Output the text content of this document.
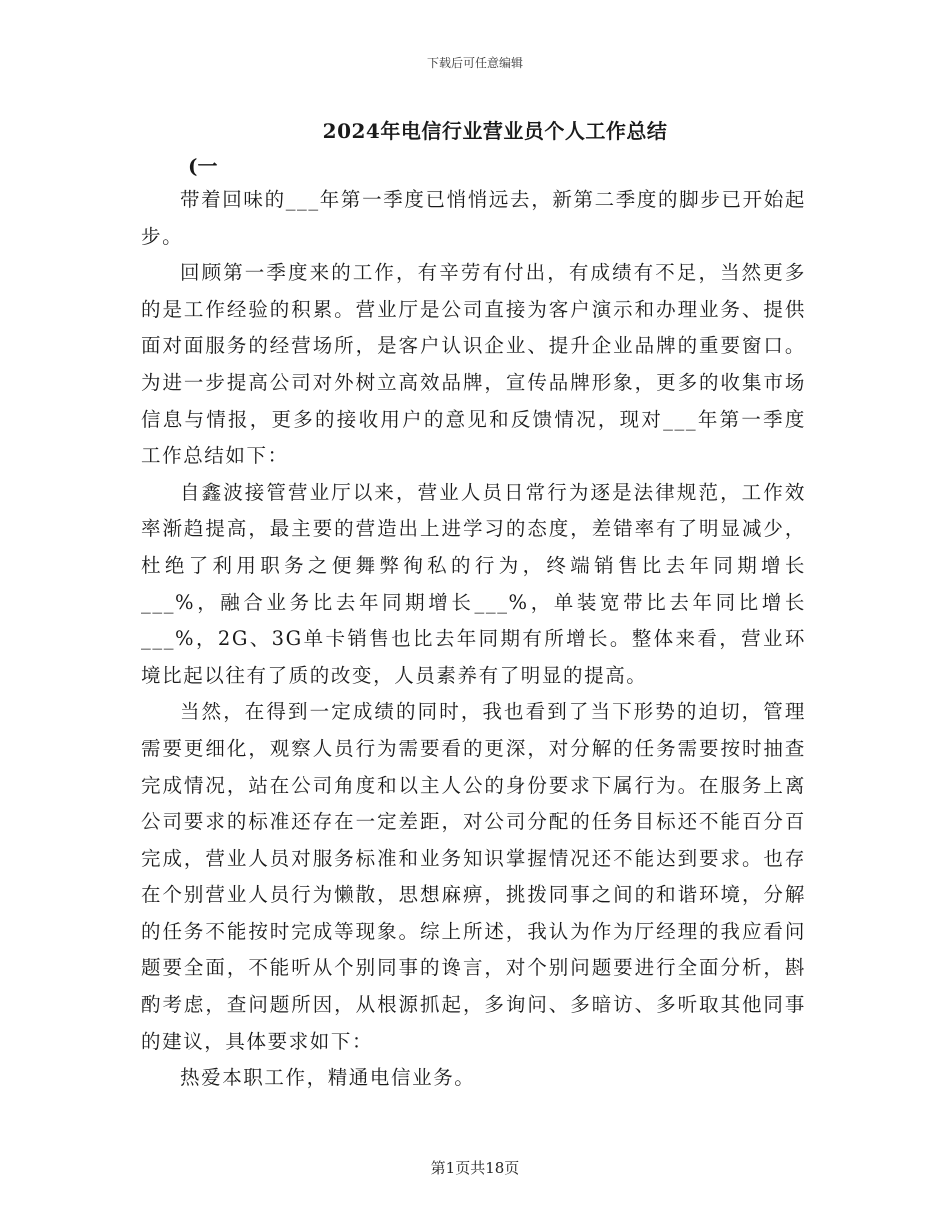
下载后可任意编辑
2024年电信行业营业员个人工作总结
(一

带着回味的___年第一季度已悄悄远去，新第二季度的脚步已开始起步。

回顾第一季度来的工作，有辛劳有付出，有成绩有不足，当然更多的是工作经验的积累。营业厅是公司直接为客户演示和办理业务、提供面对面服务的经营场所，是客户认识企业、提升企业品牌的重要窗口。为进一步提高公司对外树立高效品牌，宣传品牌形象，更多的收集市场信息与情报，更多的接收用户的意见和反馈情况，现对___年第一季度工作总结如下：

自鑫波接管营业厅以来，营业人员日常行为逐是法律规范，工作效率渐趋提高，最主要的营造出上进学习的态度，差错率有了明显减少，杜绝了利用职务之便舞弊徇私的行为，终端销售比去年同期增长___%，融合业务比去年同期增长___%，单装宽带比去年同比增长___%，2G、3G单卡销售也比去年同期有所增长。整体来看，营业环境比起以往有了质的改变，人员素养有了明显的提高。

当然，在得到一定成绩的同时，我也看到了当下形势的迫切，管理需要更细化，观察人员行为需要看的更深，对分解的任务需要按时抽查完成情况，站在公司角度和以主人公的身份要求下属行为。在服务上离公司要求的标准还存在一定差距，对公司分配的任务目标还不能百分百完成，营业人员对服务标准和业务知识掌握情况还不能达到要求。也存在个别营业人员行为懒散，思想麻痹，挑拨同事之间的和谐环境，分解的任务不能按时完成等现象。综上所述，我认为作为厅经理的我应看问题要全面，不能听从个别同事的谗言，对个别问题要进行全面分析，斟酌考虑，查问题所因，从根源抓起，多询问、多暗访、多听取其他同事的建议，具体要求如下：

热爱本职工作，精通电信业务。

第1页共18页
